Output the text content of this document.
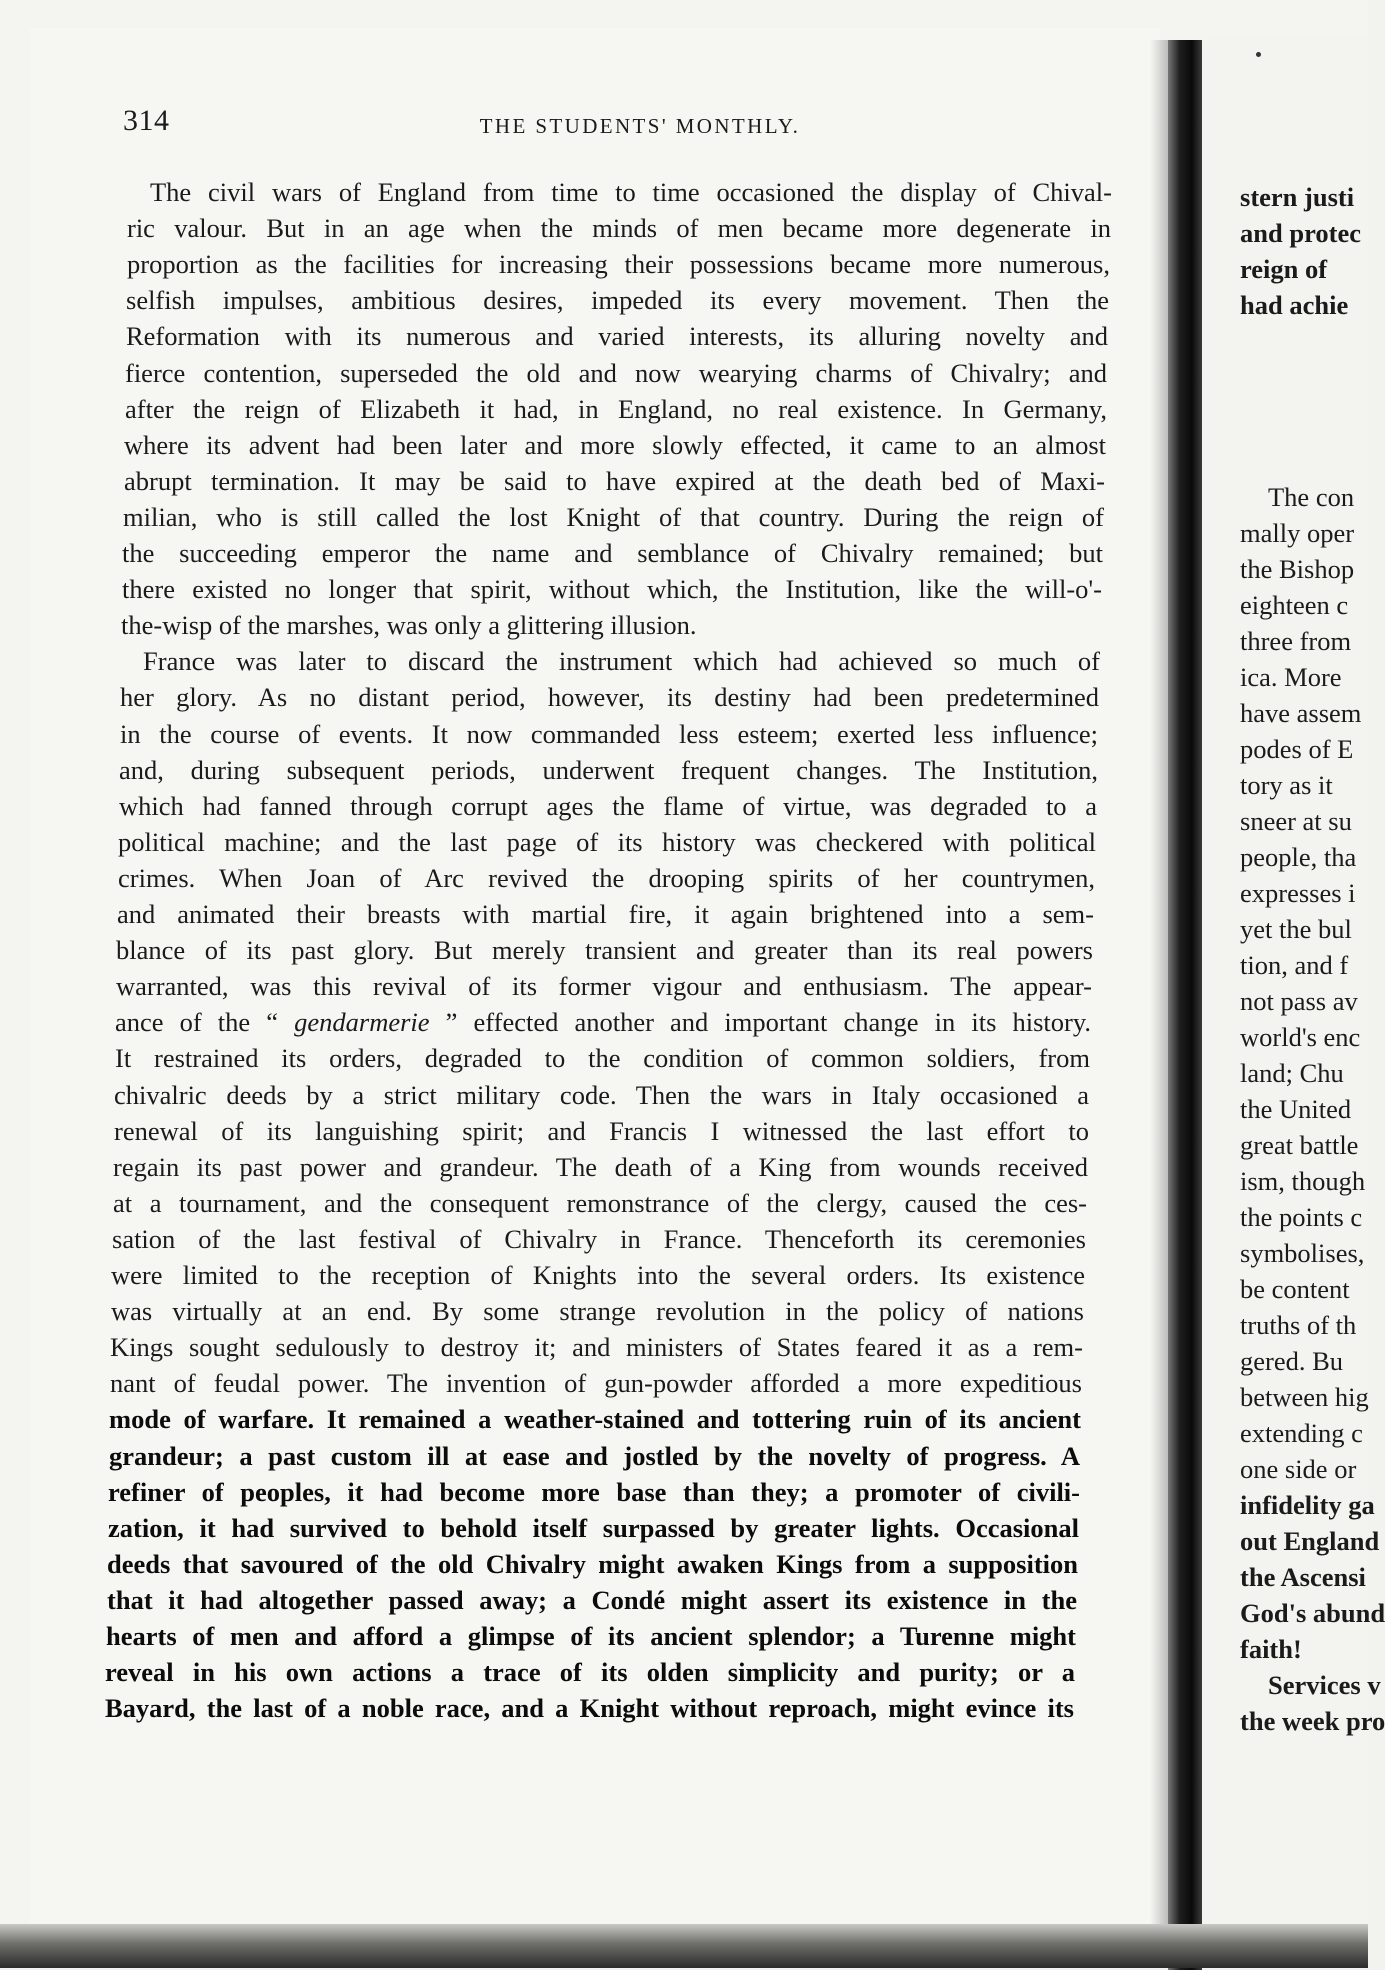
stern justi
and protec
reign of
had achie
The con
mally oper
the Bishop
eighteen c
three from
ica. More
have assem
podes of E
tory as it
sneer at su
people, tha
expresses i
yet the bul
tion, and f
not pass av
world's enc
land; Chu
the United
great battle
ism, though
the points c
symbolises,
be content
truths of th
gered. Bu
between hig
extending c
one side or
infidelity ga
out England
the Ascensi
God's abund
faith!
Services v
the week pro
314	THE STUDENTS' MONTHLY.
The civil wars of England from time to time occasioned the display of Chival-
ric valour. But in an age when the minds of men became more degenerate in
proportion as the facilities for increasing their possessions became more numerous,
selfish impulses, ambitious desires, impeded its every movement. Then the
Reformation with its numerous and varied interests, its alluring novelty and
fierce contention, superseded the old and now wearying charms of Chivalry; and
after the reign of Elizabeth it had, in England, no real existence. In Germany,
where its advent had been later and more slowly effected, it came to an almost
abrupt termination. It may be said to have expired at the death bed of Maxi-
milian, who is still called the lost Knight of that country. During the reign of
the succeeding emperor the name and semblance of Chivalry remained; but
there existed no longer that spirit, without which, the Institution, like the will-o'-
the-wisp of the marshes, was only a glittering illusion.
France was later to discard the instrument which had achieved so much of
her glory. As no distant period, however, its destiny had been predetermined
in the course of events. It now commanded less esteem; exerted less influence;
and, during subsequent periods, underwent frequent changes. The Institution,
which had fanned through corrupt ages the flame of virtue, was degraded to a
political machine; and the last page of its history was checkered with political
crimes. When Joan of Arc revived the drooping spirits of her countrymen,
and animated their breasts with martial fire, it again brightened into a sem-
blance of its past glory. But merely transient and greater than its real powers
warranted, was this revival of its former vigour and enthusiasm. The appear-
ance of the “ gendarmerie ” effected another and important change in its history.
It restrained its orders, degraded to the condition of common soldiers, from
chivalric deeds by a strict military code. Then the wars in Italy occasioned a
renewal of its languishing spirit; and Francis I witnessed the last effort to
regain its past power and grandeur. The death of a King from wounds received
at a tournament, and the consequent remonstrance of the clergy, caused the ces-
sation of the last festival of Chivalry in France. Thenceforth its ceremonies
were limited to the reception of Knights into the several orders. Its existence
was virtually at an end. By some strange revolution in the policy of nations
Kings sought sedulously to destroy it; and ministers of States feared it as a rem-
nant of feudal power. The invention of gun-powder afforded a more expeditious
mode of warfare. It remained a weather-stained and tottering ruin of its ancient
grandeur; a past custom ill at ease and jostled by the novelty of progress. A
refiner of peoples, it had become more base than they; a promoter of civili-
zation, it had survived to behold itself surpassed by greater lights. Occasional
deeds that savoured of the old Chivalry might awaken Kings from a supposition
that it had altogether passed away; a Condé might assert its existence in the
hearts of men and afford a glimpse of its ancient splendor; a Turenne might
reveal in his own actions a trace of its olden simplicity and purity; or a
Bayard, the last of a noble race, and a Knight without reproach, might evince its
